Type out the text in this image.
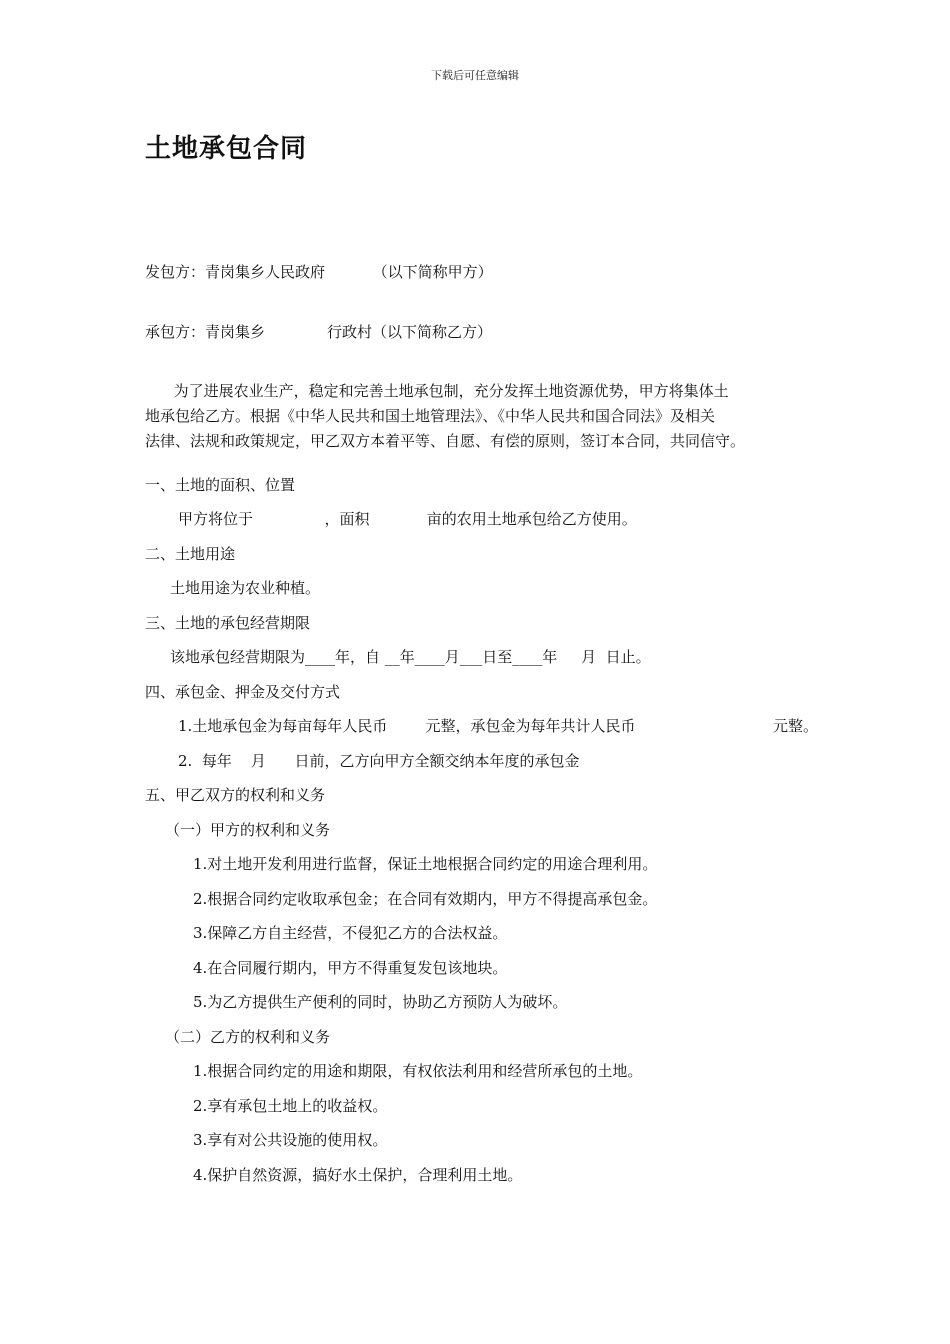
下载后可任意编辑
土地承包合同
发包方：青岗集乡人民政府          （以下简称甲方）
承包方：青岗集乡             行政村（以下简称乙方）
为了进展农业生产，稳定和完善土地承包制，充分发挥土地资源优势，甲方将集体土
地承包给乙方。根据《中华人民共和国土地管理法》、《中华人民共和国合同法》及相关
法律、法规和政策规定，甲乙双方本着平等、自愿、有偿的原则，签订本合同，共同信守。
一、土地的面积、位置
甲方将位于               ，面积            亩的农用土地承包给乙方使用。
二、土地用途
土地用途为农业种植。
三、土地的承包经营期限
该地承包经营期限为____年，自 __年____月___日至____年     月  日止。
四、承包金、押金及交付方式
1.土地承包金为每亩每年人民币        元整，承包金为每年共计人民币	元整。
2.  每年    月      日前，乙方向甲方全额交纳本年度的承包金
五、甲乙双方的权利和义务
（一）甲方的权利和义务
1.对土地开发利用进行监督，保证土地根据合同约定的用途合理利用。
2.根据合同约定收取承包金；在合同有效期内，甲方不得提高承包金。
3.保障乙方自主经营，不侵犯乙方的合法权益。
4.在合同履行期内，甲方不得重复发包该地块。
5.为乙方提供生产便利的同时，协助乙方预防人为破坏。
（二）乙方的权利和义务
1.根据合同约定的用途和期限，有权依法利用和经营所承包的土地。
2.享有承包土地上的收益权。
3.享有对公共设施的使用权。
4.保护自然资源，搞好水土保护，合理利用土地。
